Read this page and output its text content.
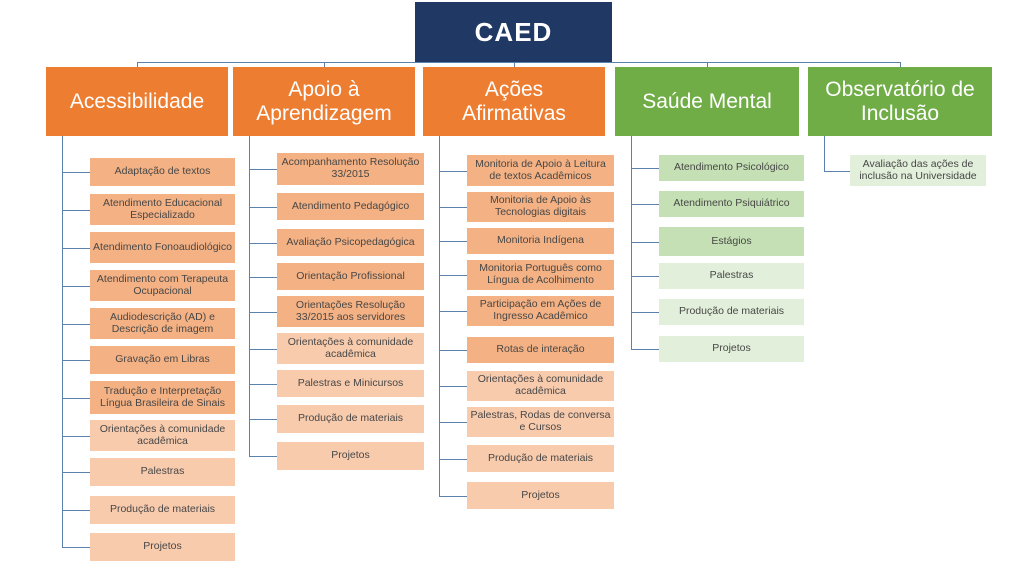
CAED
Acessibilidade
Adaptação de textos
Atendimento Educacional Especializado
Atendimento Fonoaudiológico
Atendimento com Terapeuta Ocupacional
Audiodescrição (AD) e Descrição de imagem
Gravação em Libras
Tradução e Interpretação Língua Brasileira de Sinais
Orientações à comunidade acadêmica
Palestras
Produção de materiais
Projetos
Apoio à Aprendizagem
Acompanhamento Resolução 33/2015
Atendimento Pedagógico
Avaliação Psicopedagógica
Orientação Profissional
Orientações Resolução 33/2015 aos servidores
Orientações à comunidade acadêmica
Palestras e Minicursos
Produção de materiais
Projetos
Ações Afirmativas
Monitoria de Apoio à Leitura de textos Acadêmicos
Monitoria de Apoio às Tecnologias digitais
Monitoria Indígena
Monitoria Português como Língua de Acolhimento
Participação em Ações de Ingresso Acadêmico
Rotas de interação
Orientações à comunidade acadêmica
Palestras, Rodas de conversa e Cursos
Produção de materiais
Projetos
Saúde Mental
Atendimento Psicológico
Atendimento Psiquiátrico
Estágios
Palestras
Produção de materiais
Projetos
Observatório de Inclusão
Avaliação das ações de inclusão na Universidade
